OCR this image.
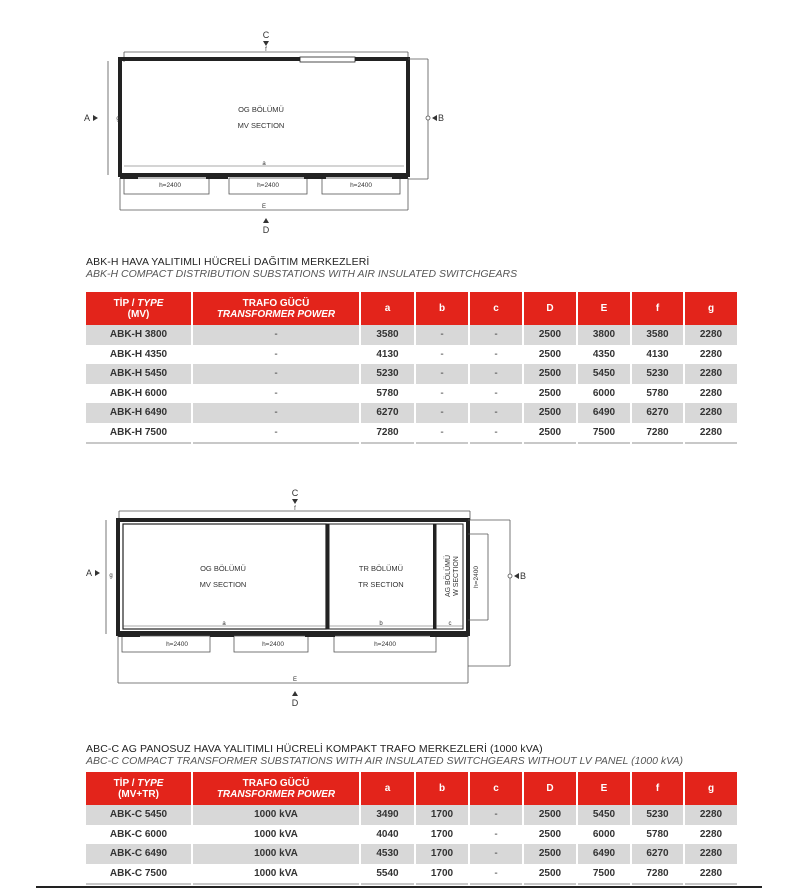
C
f
g	B
A
OG BÖLÜMÜ
MV SECTION
a
h=2400	h=2400	h=2400
E
D
ABK-H HAVA YALITIMLI HÜCRELİ DAĞITIM MERKEZLERİ
ABK-H COMPACT DISTRIBUTION SUBSTATIONS WITH AIR INSULATED SWITCHGEARS
TİP / TYPE
(MV)	TRAFO GÜCÜ
TRANSFORMER POWER	a	b	c	D	E	f	g
ABK-H 3800	-	3580	-	-	2500	3800	3580	2280
ABK-H 4350	-	4130	-	-	2500	4350	4130	2280
ABK-H 5450	-	5230	-	-	2500	5450	5230	2280
ABK-H 6000	-	5780	-	-	2500	6000	5780	2280
ABK-H 6490	-	6270	-	-	2500	6490	6270	2280
ABK-H 7500	-	7280	-	-	2500	7500	7280	2280
C
f
A	g
OG BÖLÜMÜ
MV SECTION
TR BÖLÜMÜ
TR SECTION	AG BÖLÜMÜ W SECTION h=2400	B
a	b	c
h=2400	h=2400	h=2400
E
D
ABC-C AG PANOSUZ HAVA YALITIMLI HÜCRELİ KOMPAKT TRAFO MERKEZLERİ (1000 kVA)
ABC-C COMPACT TRANSFORMER SUBSTATIONS WITH AIR INSULATED SWITCHGEARS WITHOUT LV PANEL (1000 kVA)
TİP / TYPE
(MV+TR)	TRAFO GÜCÜ
TRANSFORMER POWER	a	b	c	D	E	f	g
ABK-C 5450	1000 kVA	3490	1700	-	2500	5450	5230	2280
ABK-C 6000	1000 kVA	4040	1700	-	2500	6000	5780	2280
ABK-C 6490	1000 kVA	4530	1700	-	2500	6490	6270	2280
ABK-C 7500	1000 kVA	5540	1700	-	2500	7500	7280	2280
